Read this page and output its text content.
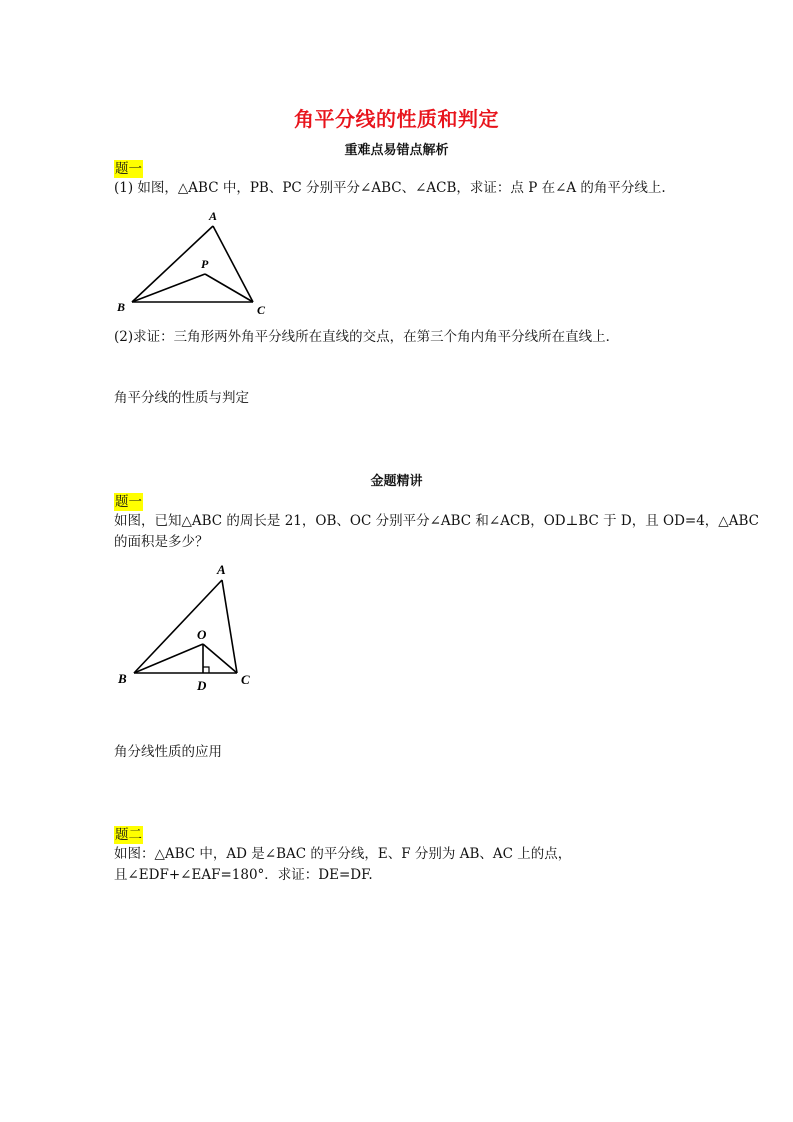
角平分线的性质和判定
重难点易错点解析
题一
(1) 如图，△ABC 中，PB、PC 分别平分∠ABC、∠ACB，求证：点 P 在∠A 的角平分线上.
A
P
B	C
(2)求证：三角形两外角平分线所在直线的交点，在第三个角内角平分线所在直线上．
角平分线的性质与判定
金题精讲
题一
如图，已知△ABC 的周长是 21，OB、OC 分别平分∠ABC 和∠ACB，OD⊥BC 于 D，且 OD=4，△ABC
的面积是多少？
A
O
B	D	C
角分线性质的应用
题二
如图：△ABC 中，AD 是∠BAC 的平分线，E、F 分别为 AB、AC 上的点，
且∠EDF+∠EAF=180°．求证：DE=DF.
